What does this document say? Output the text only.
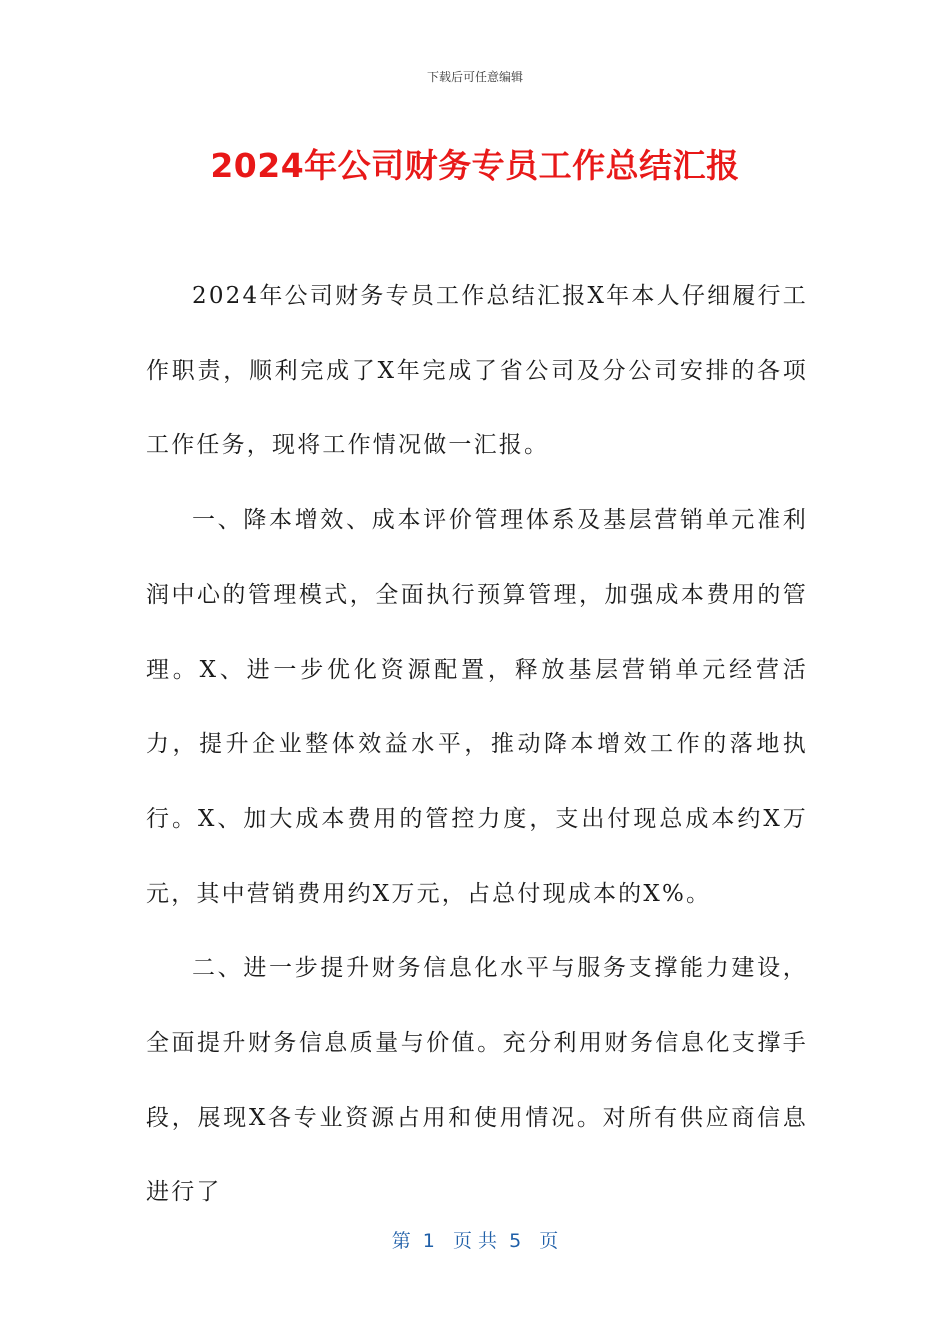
下载后可任意编辑
2024年公司财务专员工作总结汇报

2024年公司财务专员工作总结汇报X年本人仔细履行工作职责，顺利完成了X年完成了省公司及分公司安排的各项工作任务，现将工作情况做一汇报。

一、降本增效、成本评价管理体系及基层营销单元准利润中心的管理模式，全面执行预算管理，加强成本费用的管理。X、进一步优化资源配置，释放基层营销单元经营活力，提升企业整体效益水平，推动降本增效工作的落地执行。X、加大成本费用的管控力度，支出付现总成本约X万元，其中营销费用约X万元，占总付现成本的X%。

二、进一步提升财务信息化水平与服务支撑能力建设，全面提升财务信息质量与价值。充分利用财务信息化支撑手段，展现X各专业资源占用和使用情况。对所有供应商信息进行了

第  1   页 共  5   页
